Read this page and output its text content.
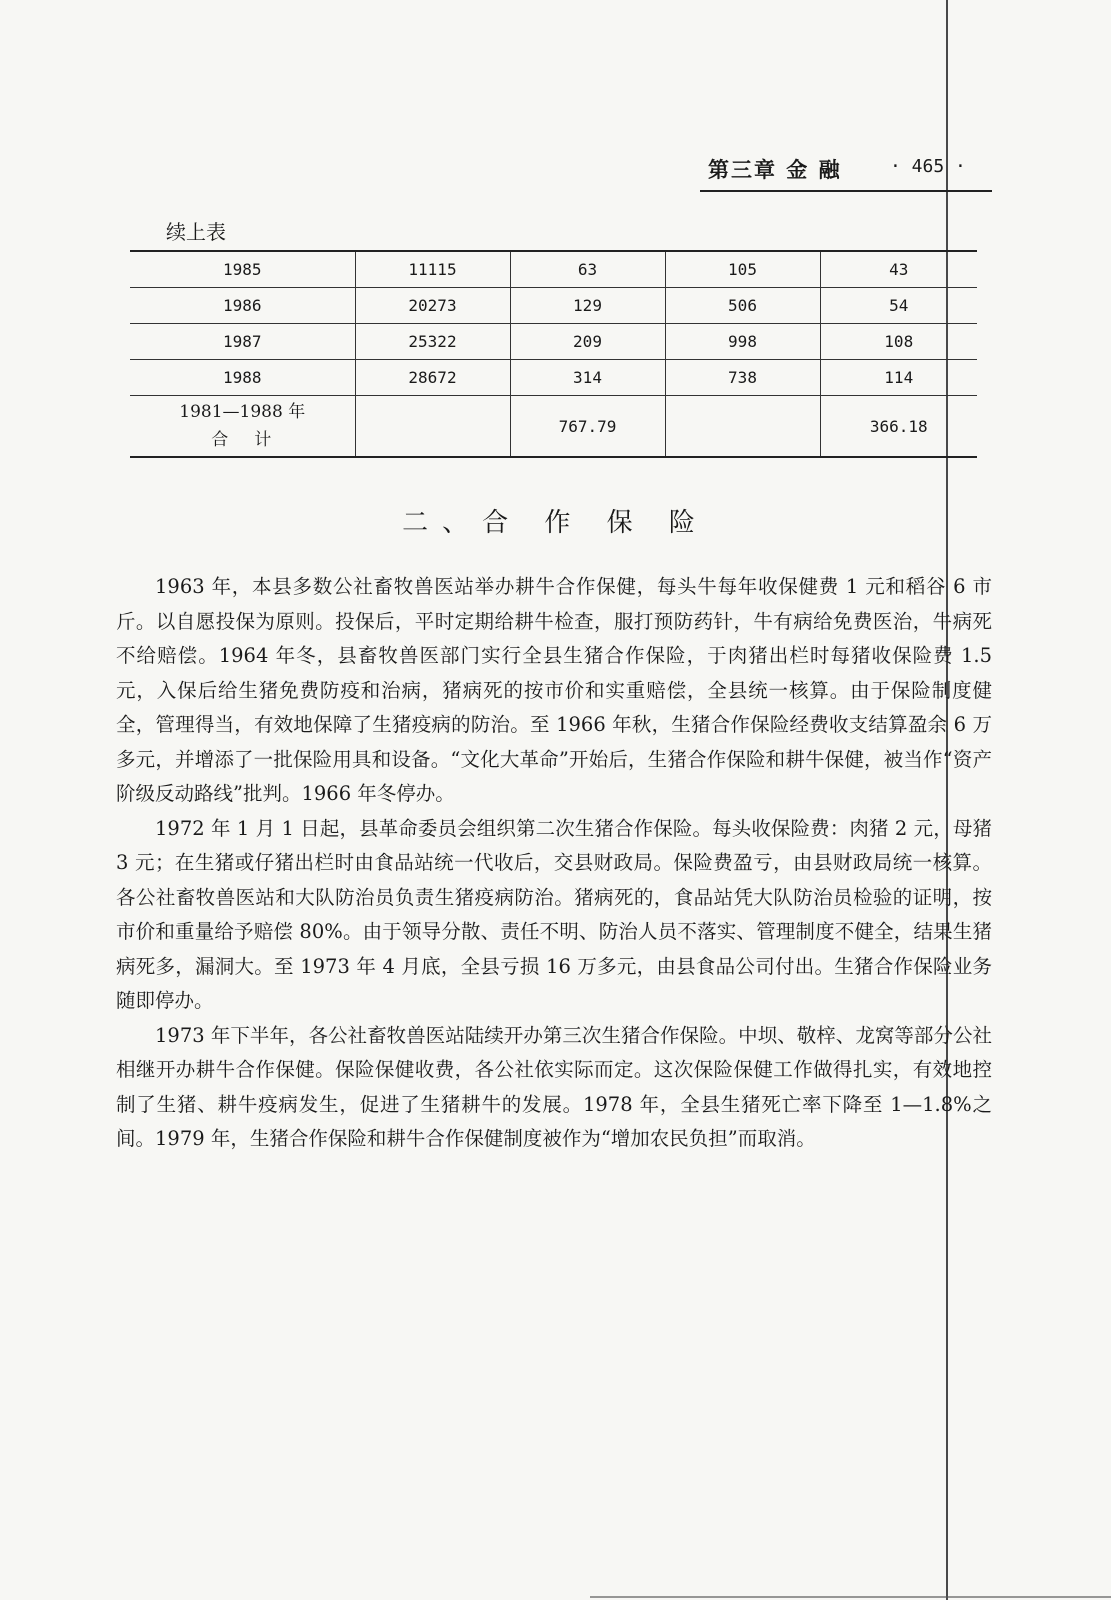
第三章 金 融	· 465 ·
续上表
1985	11115	63	105	43
1986	20273	129	506	54
1987	25322	209	998	108
1988	28672	314	738	114

1981—1988 年
合计		767.79		366.18
二、合 作 保 险

1963 年，本县多数公社畜牧兽医站举办耕牛合作保健，每头牛每年收保健费 1 元和稻谷 6 市斤。以自愿投保为原则。投保后，平时定期给耕牛检查，服打预防药针，牛有病给免费医治，牛病死不给赔偿。1964 年冬，县畜牧兽医部门实行全县生猪合作保险，于肉猪出栏时每猪收保险费 1.5 元，入保后给生猪免费防疫和治病，猪病死的按市价和实重赔偿，全县统一核算。由于保险制度健全，管理得当，有效地保障了生猪疫病的防治。至 1966 年秋，生猪合作保险经费收支结算盈余 6 万多元，并增添了一批保险用具和设备。“文化大革命”开始后，生猪合作保险和耕牛保健，被当作“资产阶级反动路线”批判。1966 年冬停办。

1972 年 1 月 1 日起，县革命委员会组织第二次生猪合作保险。每头收保险费：肉猪 2 元，母猪 3 元；在生猪或仔猪出栏时由食品站统一代收后，交县财政局。保险费盈亏，由县财政局统一核算。各公社畜牧兽医站和大队防治员负责生猪疫病防治。猪病死的，食品站凭大队防治员检验的证明，按市价和重量给予赔偿 80%。由于领导分散、责任不明、防治人员不落实、管理制度不健全，结果生猪病死多，漏洞大。至 1973 年 4 月底，全县亏损 16 万多元，由县食品公司付出。生猪合作保险业务随即停办。

1973 年下半年，各公社畜牧兽医站陆续开办第三次生猪合作保险。中坝、敬梓、龙窝等部分公社相继开办耕牛合作保健。保险保健收费，各公社依实际而定。这次保险保健工作做得扎实，有效地控制了生猪、耕牛疫病发生，促进了生猪耕牛的发展。1978 年，全县生猪死亡率下降至 1—1.8%之间。1979 年，生猪合作保险和耕牛合作保健制度被作为“增加农民负担”而取消。
